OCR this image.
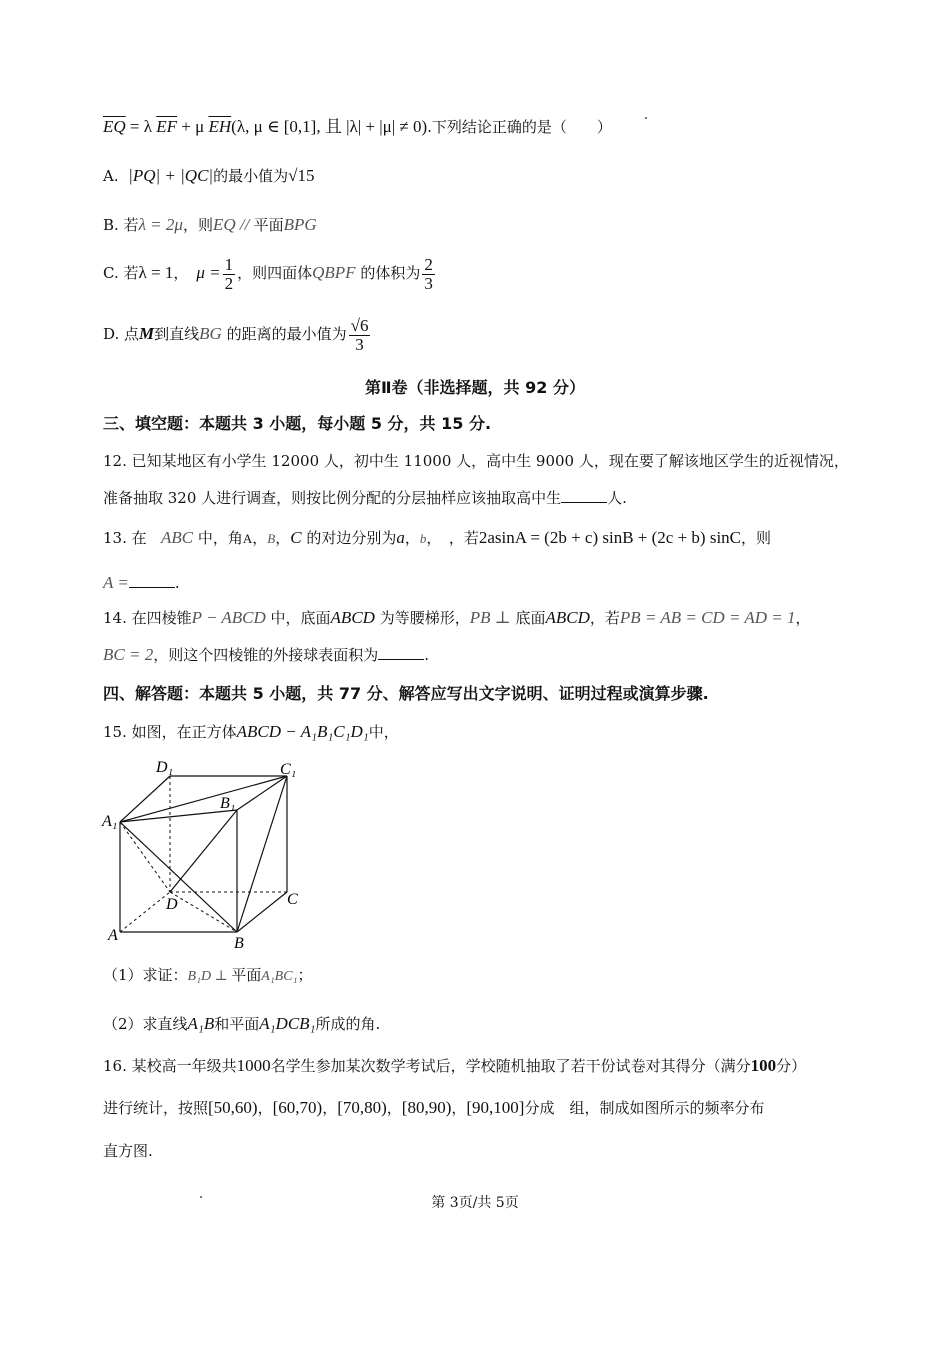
$\overline{EQ} = \lambda$ $\overline{EF} + \mu$ $\overline{EH}(\lambda$, μ ∈ [0,1], 且 |λ| + |μ| ≠ 0).下列结论正确的是（　　）
A. |PQ| + |QC|的最小值为√15
B. 若λ = 2μ，则EQ // 平面BPG
C. 若λ = 1， $\mu = \frac{1}{2}$ ，则四面体QBPF 的体积为 $\frac{2}{3}$
D. 点M到直线BG 的距离的最小值为 $\frac{√6}{3}$
第Ⅱ卷（非选择题，共 92 分）
三、填空题：本题共 3 小题，每小题 5 分，共 15 分.
12. 已知某地区有小学生 12000 人，初中生 11000 人，高中生 9000 人，现在要了解该地区学生的近视情况，
准备抽取 320 人进行调查，则按比例分配的分层抽样应该抽取高中生	人.
13. 在 ABC 中，角A，B，C 的对边分别为a，b，　，若2asinA = (2b + c) sinB + (2c + b) sinC，则
A =	.
14. 在四棱锥P − ABCD 中，底面ABCD 为等腰梯形，PB ⊥ 底面ABCD，若PB = AB = CD = AD = 1，
BC = 2，则这个四棱锥的外接球表面积为	.
四、解答题：本题共 5 小题，共 77 分、解答应写出文字说明、证明过程或演算步骤.
15. 如图，在正方体ABCD − A₁B₁C₁D₁中，
D₁	C₁
B₁
A₁
D	C
A	B
（1）求证：B₁D ⊥ 平面A₁BC₁；
（2）求直线A₁B和平面A₁DCB₁所成的角.
16. 某校高一年级共1000名学生参加某次数学考试后，学校随机抽取了若干份试卷对其得分（满分100分）
进行统计，按照[50,60)，[60,70)，[70,80)，[80,90)，[90,100]分成　组，制成如图所示的频率分布
直方图.
第 3页/共 5页
